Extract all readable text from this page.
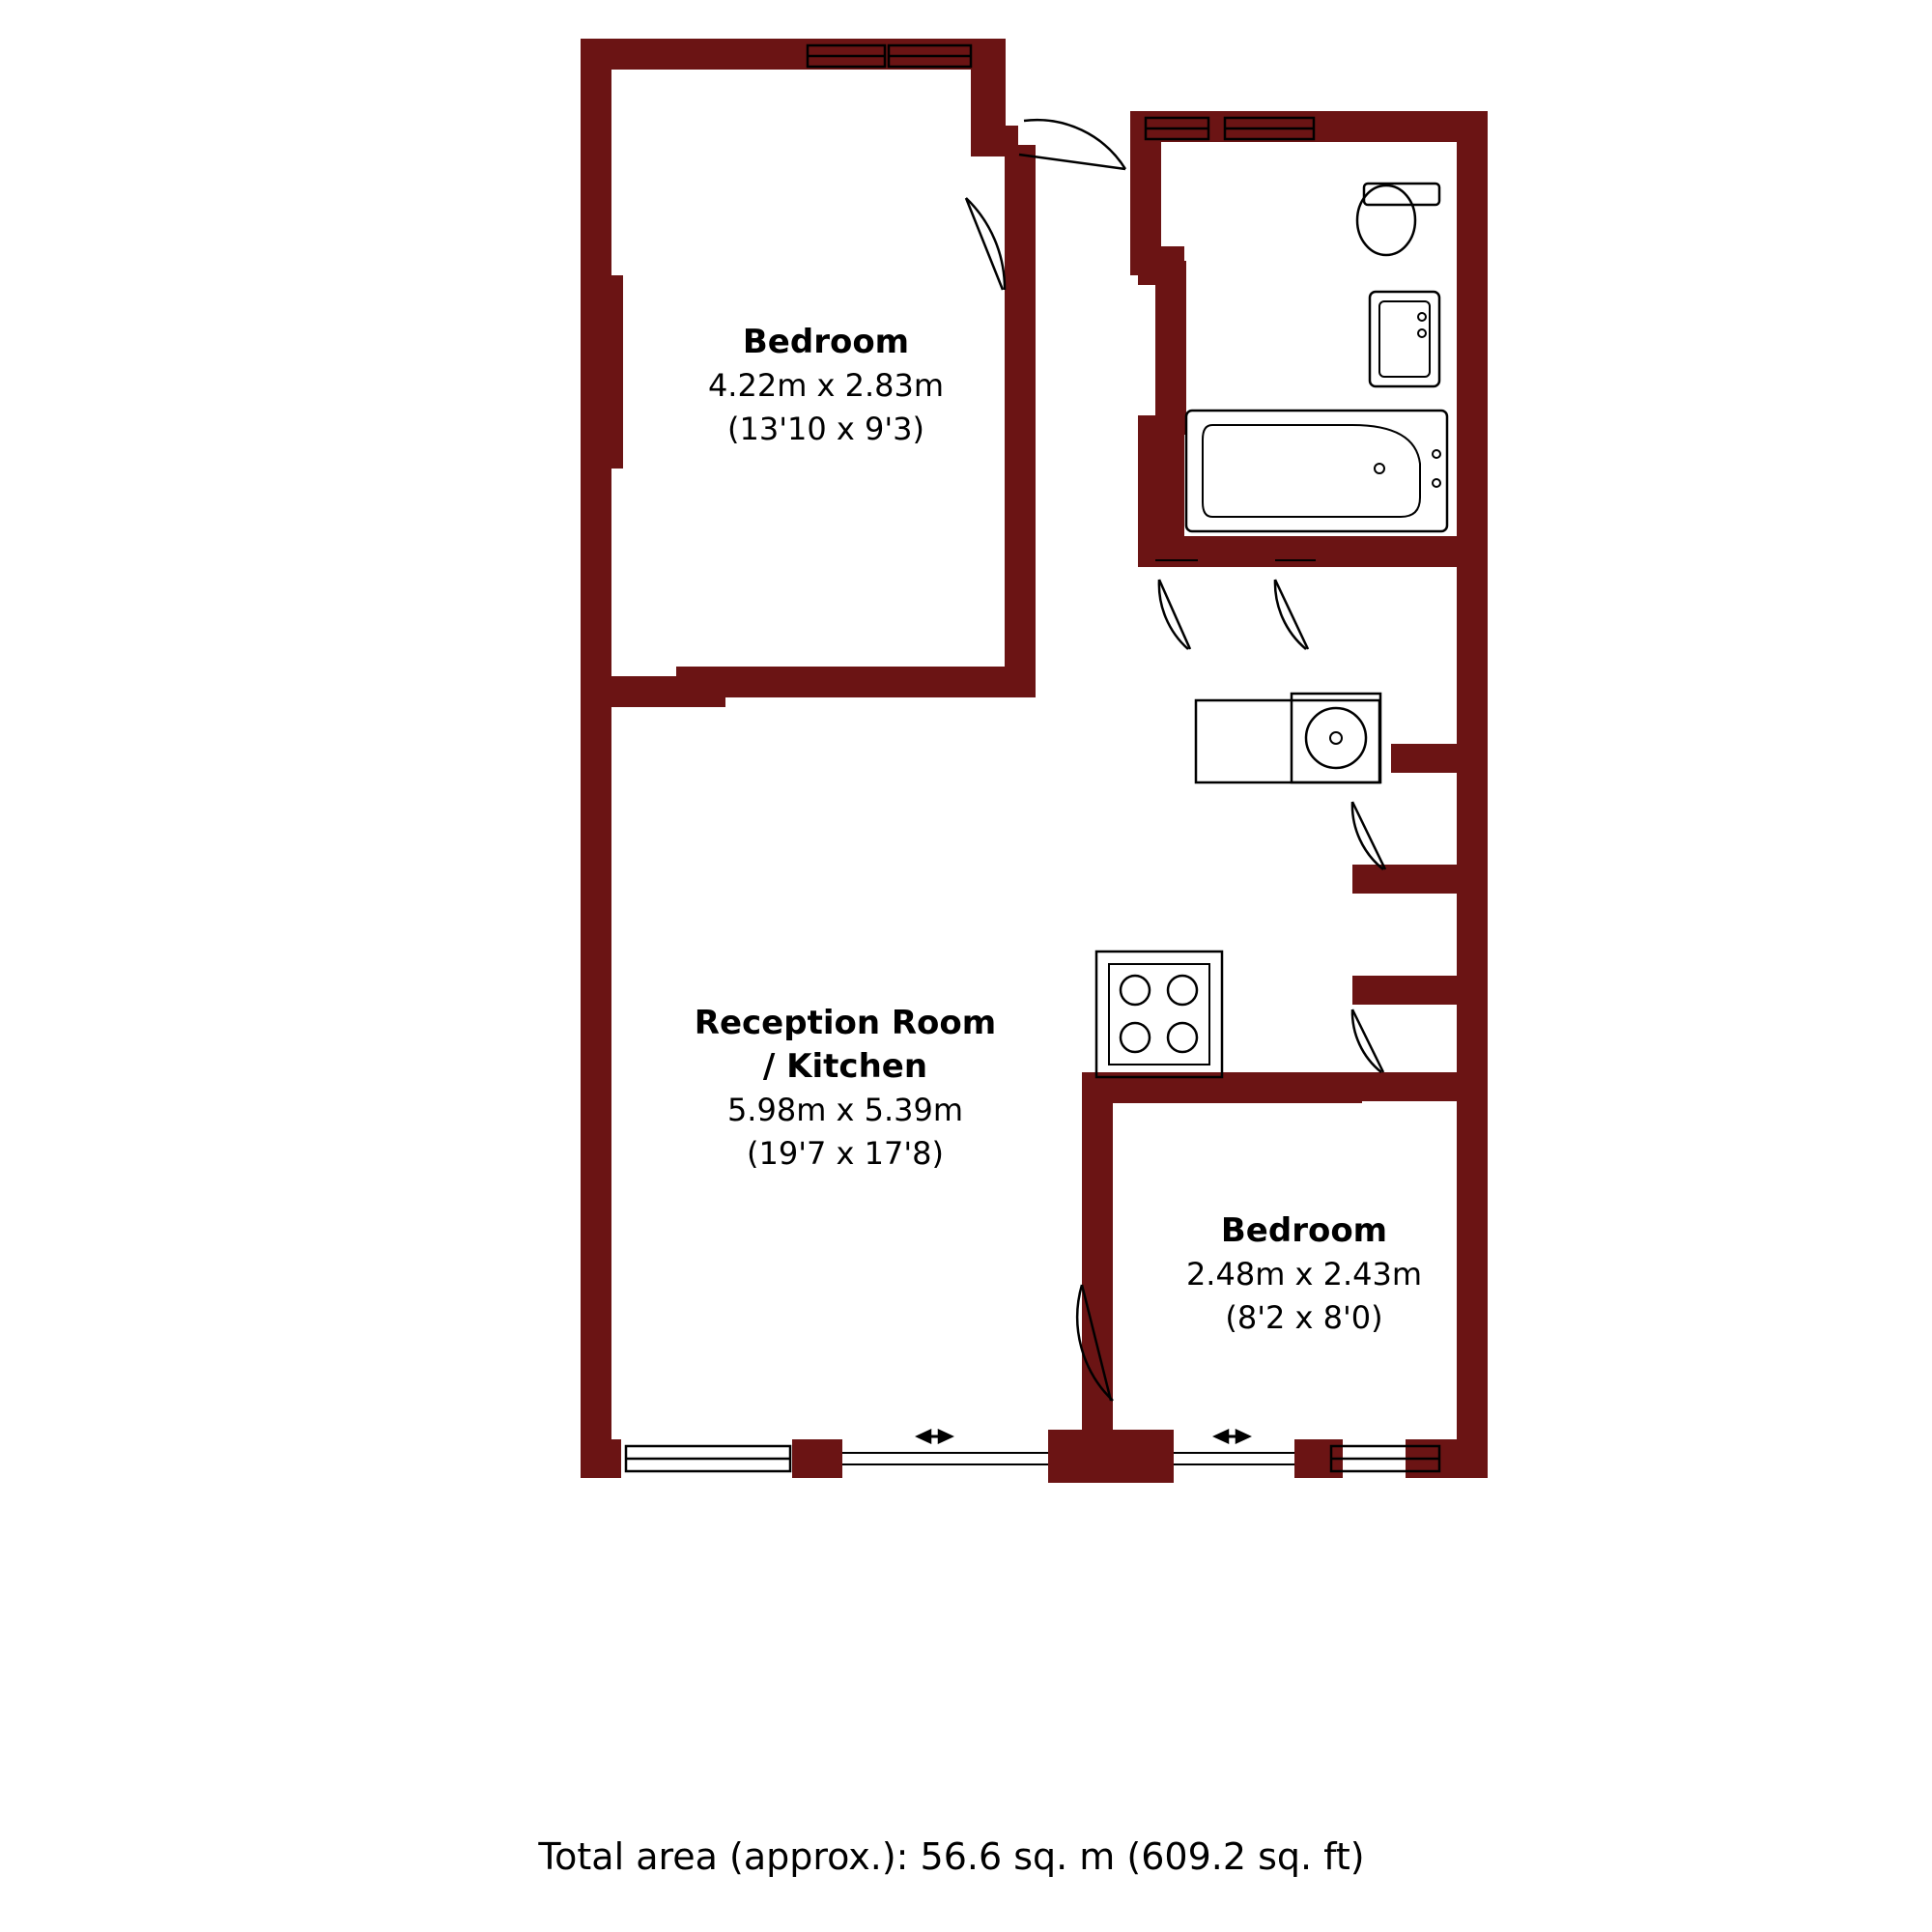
Bedroom
4.22m x 2.83m
(13'10 x 9'3)
Reception Room
/ Kitchen
5.98m x 5.39m
(19'7 x 17'8)
Bedroom
2.48m x 2.43m
(8'2 x 8'0)
Total area (approx.): 56.6 sq. m (609.2 sq. ft)
